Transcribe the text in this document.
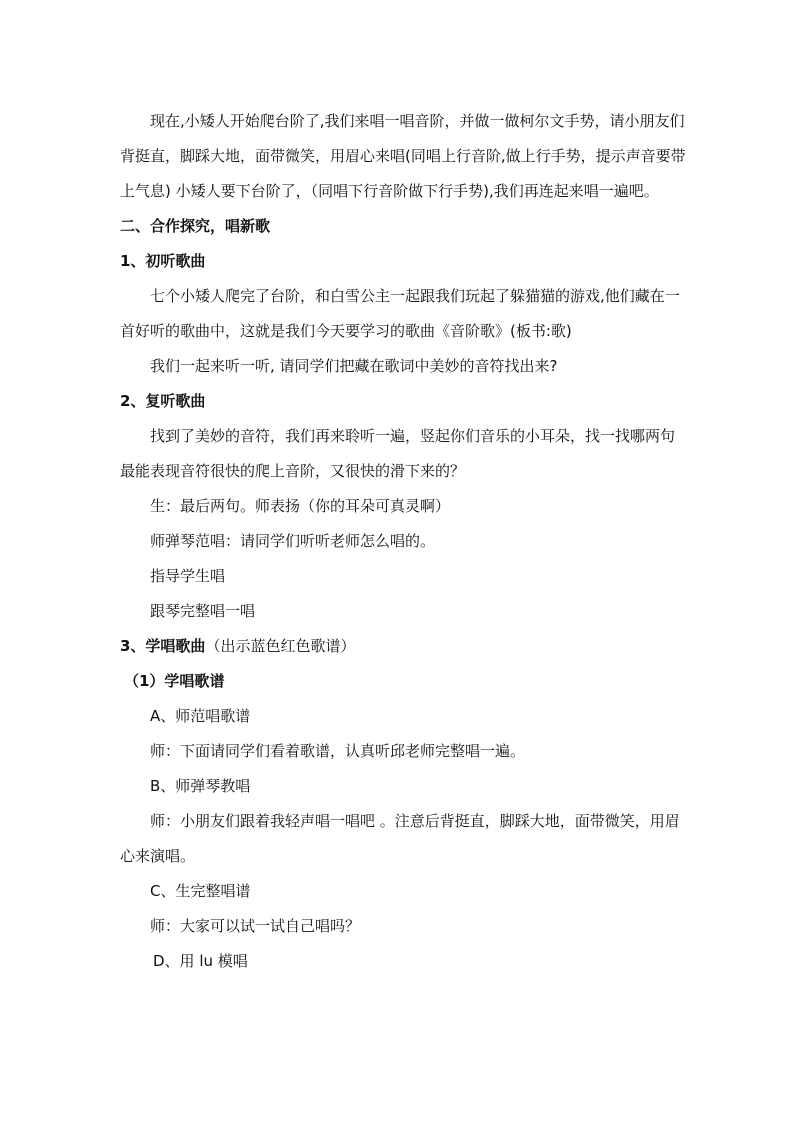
现在,小矮人开始爬台阶了,我们来唱一唱音阶，并做一做柯尔文手势，请小朋友们背挺直，脚踩大地，面带微笑，用眉心来唱(同唱上行音阶,做上行手势，提示声音要带上气息) 小矮人要下台阶了，（同唱下行音阶做下行手势),我们再连起来唱一遍吧。

二、合作探究，唱新歌

1、初听歌曲

七个小矮人爬完了台阶，和白雪公主一起跟我们玩起了躲猫猫的游戏,他们藏在一首好听的歌曲中，这就是我们今天要学习的歌曲《音阶歌》(板书:歌)

我们一起来听一听, 请同学们把藏在歌词中美妙的音符找出来?

2、复听歌曲

找到了美妙的音符，我们再来聆听一遍，竖起你们音乐的小耳朵，找一找哪两句最能表现音符很快的爬上音阶，又很快的滑下来的？

生：最后两句。师表扬（你的耳朵可真灵啊）

师弹琴范唱：请同学们听听老师怎么唱的。

指导学生唱

跟琴完整唱一唱

3、学唱歌曲（出示蓝色红色歌谱）

（1）学唱歌谱

A、师范唱歌谱

师：下面请同学们看着歌谱，认真听邱老师完整唱一遍。

B、师弹琴教唱

师：小朋友们跟着我轻声唱一唱吧 。注意后背挺直，脚踩大地，面带微笑，用眉心来演唱。

C、生完整唱谱

师：大家可以试一试自己唱吗？

D、用 lu 模唱
